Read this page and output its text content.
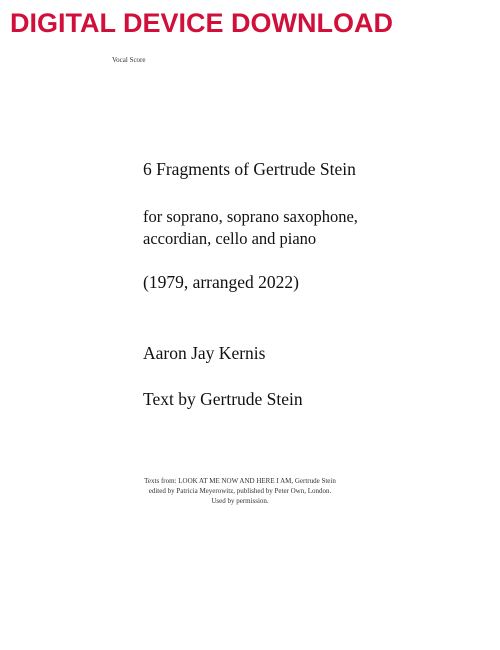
DIGITAL DEVICE DOWNLOAD
Vocal Score
6 Fragments of Gertrude Stein
for soprano, soprano saxophone,
accordian, cello and piano
(1979, arranged 2022)
Aaron Jay Kernis
Text by Gertrude Stein
Texts from: LOOK AT ME NOW AND HERE I AM, Gertrude Stein
edited by Patricia Meyerowitz, published by Peter Own, London.
Used by permission.
